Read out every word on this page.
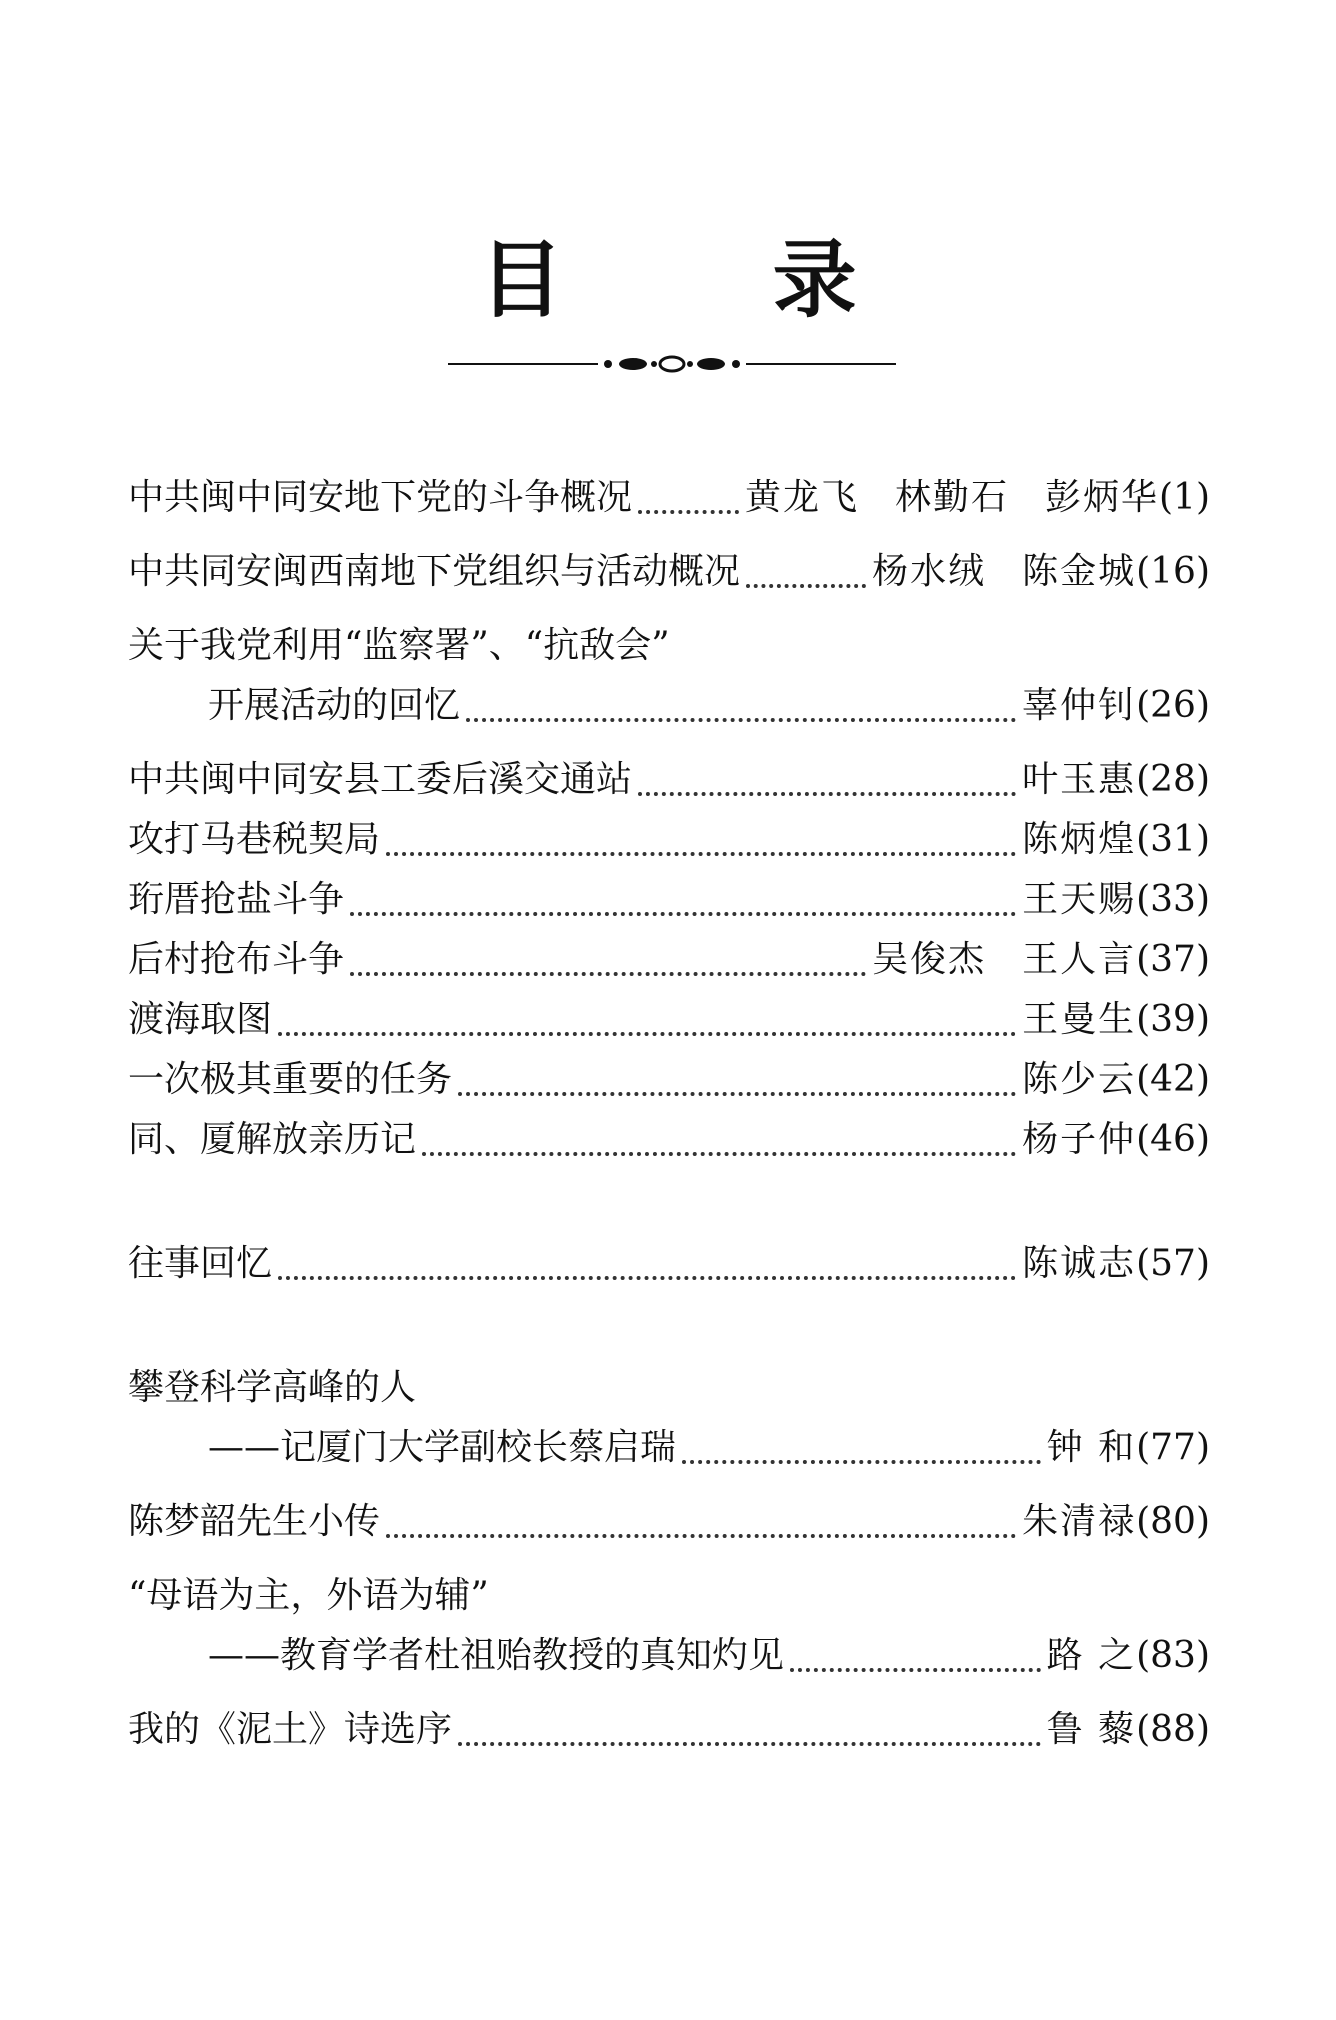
目 录
中共闽中同安地下党的斗争概况	黄龙飞 林勤石 彭炳华 (1)
中共同安闽西南地下党组织与活动概况	杨水绒 陈金城 (16)
关于我党利用“监察署”、“抗敌会”
开展活动的回忆	辜仲钊 (26)
中共闽中同安县工委后溪交通站	叶玉惠 (28)
攻打马巷税契局	陈炳煌 (31)
珩厝抢盐斗争	王天赐 (33)
后村抢布斗争	吴俊杰 王人言 (37)
渡海取图	王曼生 (39)
一次极其重要的任务	陈少云 (42)
同、厦解放亲历记	杨子仲 (46)
往事回忆	陈诚志 (57)
攀登科学高峰的人
——记厦门大学副校长蔡启瑞	钟 和 (77)
陈梦韶先生小传	朱清禄 (80)
“母语为主，外语为辅”
——教育学者杜祖贻教授的真知灼见	路 之 (83)
我的《泥土》诗选序	鲁 藜 (88)
